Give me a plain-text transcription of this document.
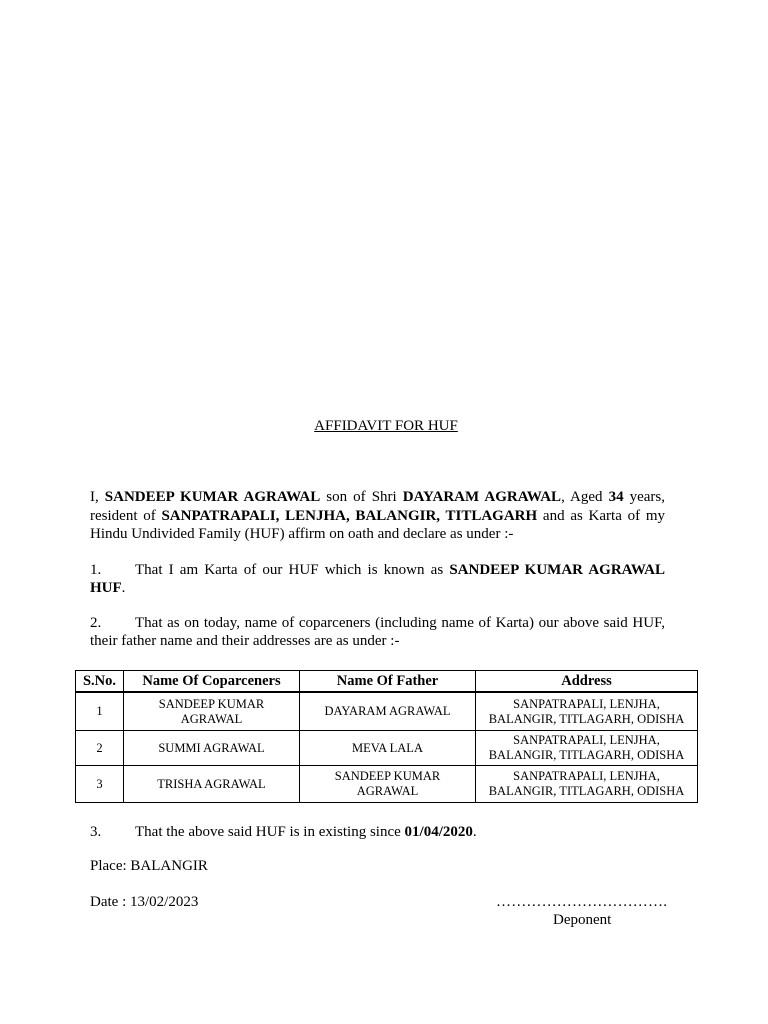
AFFIDAVIT FOR HUF
I, SANDEEP KUMAR AGRAWAL son of Shri DAYARAM AGRAWAL, Aged 34 years, resident of SANPATRAPALI, LENJHA, BALANGIR, TITLAGARH and as Karta of my Hindu Undivided Family (HUF) affirm on oath and declare as under :-
1. That I am Karta of our HUF which is known as SANDEEP KUMAR AGRAWAL HUF.
2. That as on today, name of coparceners (including name of Karta) our above said HUF, their father name and their addresses are as under :-
S.No.	Name Of Coparceners	Name Of Father	Address
1	SANDEEP KUMAR AGRAWAL	DAYARAM AGRAWAL	SANPATRAPALI, LENJHA, BALANGIR, TITLAGARH, ODISHA
2	SUMMI AGRAWAL	MEVA LALA	SANPATRAPALI, LENJHA, BALANGIR, TITLAGARH, ODISHA
3	TRISHA AGRAWAL	SANDEEP KUMAR AGRAWAL	SANPATRAPALI, LENJHA, BALANGIR, TITLAGARH, ODISHA
3. That the above said HUF is in existing since 01/04/2020.
Place: BALANGIR
Date : 13/02/2023	…………………………….
Deponent
